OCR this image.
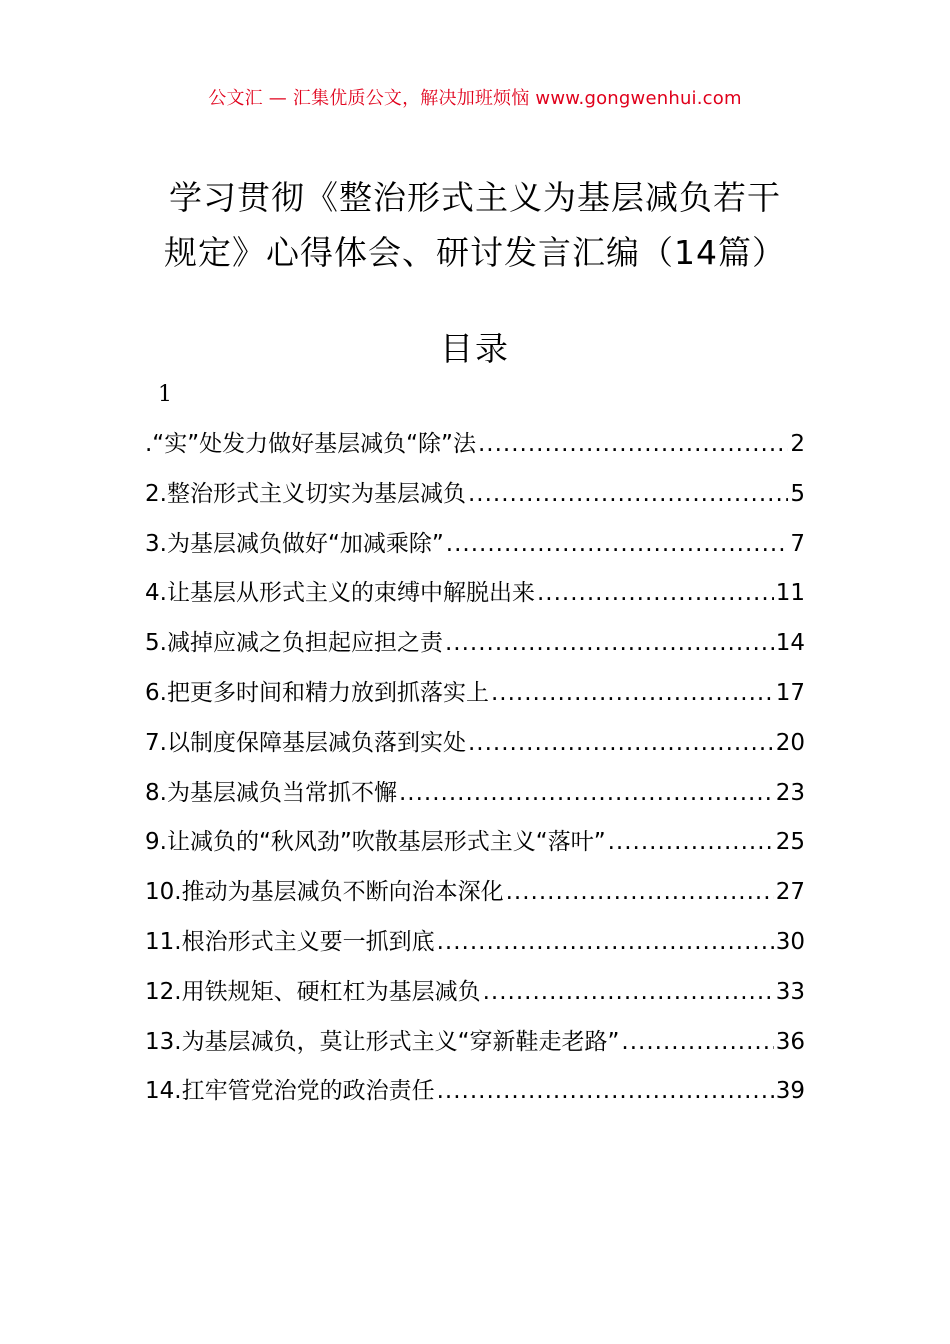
公文汇 — 汇集优质公文，解决加班烦恼 www.gongwenhui.com
学习贯彻《整治形式主义为基层减负若干
规定》心得体会、研讨发言汇编（14篇）
目录
1
.“实”处发力做好基层减负“除”法 .....	2
2.整治形式主义切实为基层减负 .....	5
3.为基层减负做好“加减乘除” .....	7
4.让基层从形式主义的束缚中解脱出来 .....	11
5.减掉应减之负担起应担之责 .....	14
6.把更多时间和精力放到抓落实上 .....	17
7.以制度保障基层减负落到实处 .....	20
8.为基层减负当常抓不懈 .....	23
9.让减负的“秋风劲”吹散基层形式主义“落叶” .....	25
10.推动为基层减负不断向治本深化 .....	27
11.根治形式主义要一抓到底 .....	30
12.用铁规矩、硬杠杠为基层减负 .....	33
13.为基层减负，莫让形式主义“穿新鞋走老路” .....	36
14.扛牢管党治党的政治责任 .....	39
